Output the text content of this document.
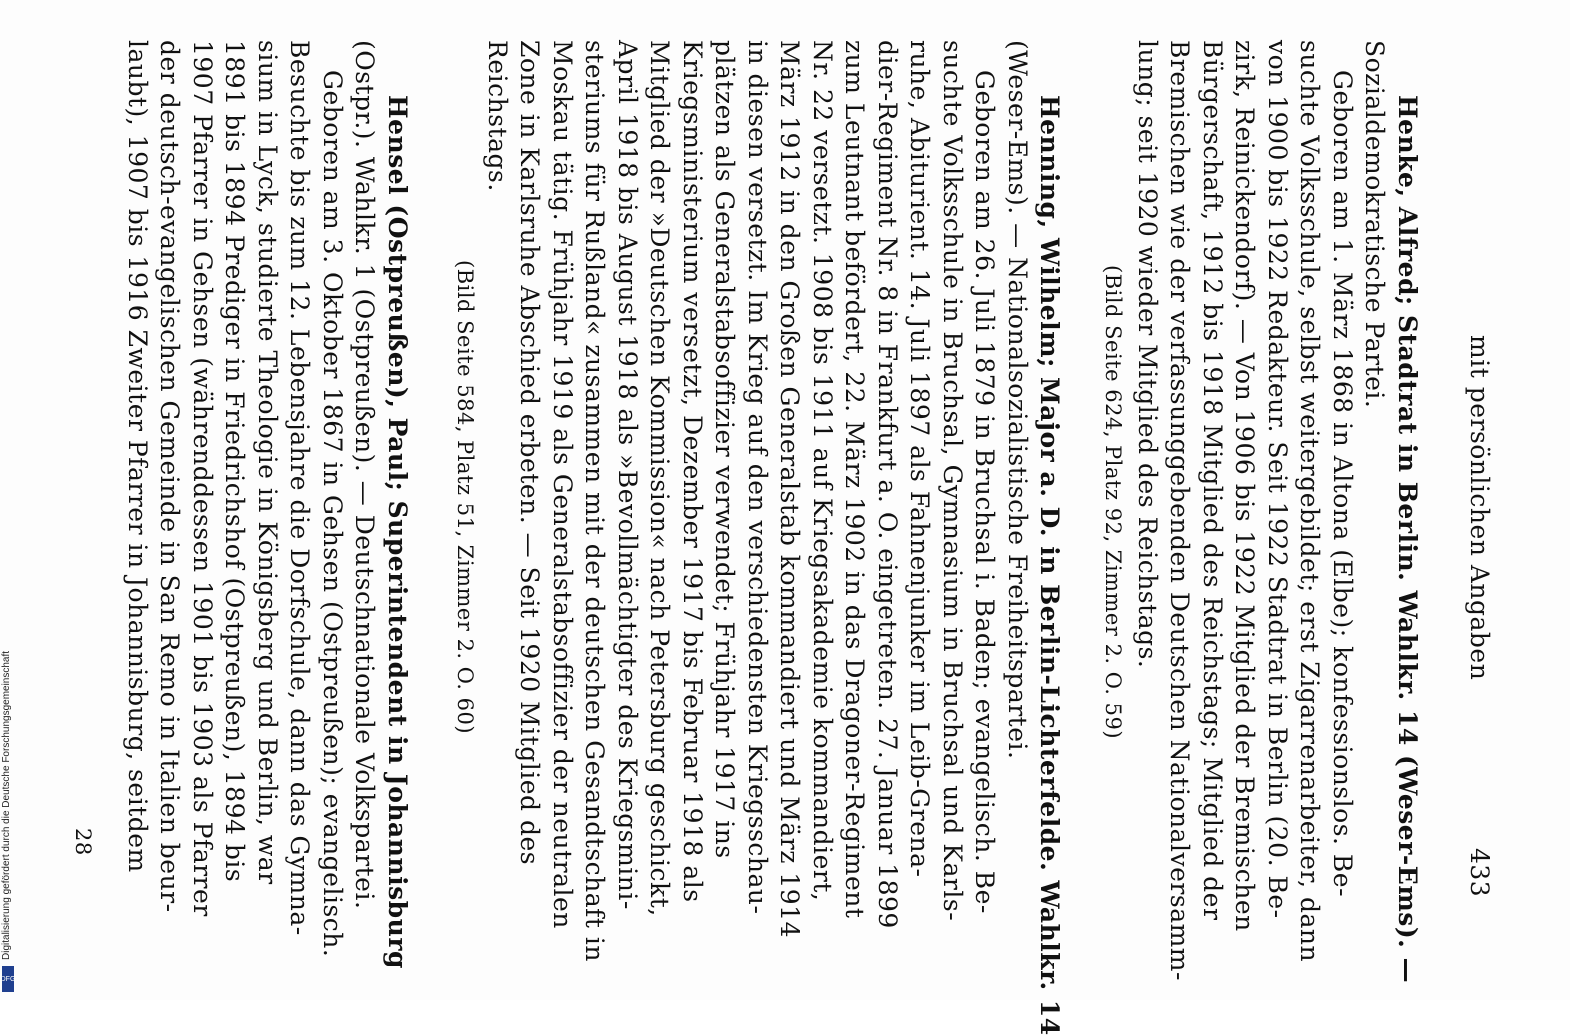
mit persönlichen Angaben
433
Henke, Alfred; Stadtrat in Berlin. Wahlkr. 14 (Weser-Ems). —
Sozialdemokratische Partei.
Geboren am 1. März 1868 in Altona (Elbe); konfessionslos. Be-
suchte Volksschule, selbst weitergebildet; erst Zigarrenarbeiter, dann
von 1900 bis 1922 Redakteur. Seit 1922 Stadtrat in Berlin (20. Be-
zirk, Reinickendorf). — Von 1906 bis 1922 Mitglied der Bremischen
Bürgerschaft, 1912 bis 1918 Mitglied des Reichstags; Mitglied der
Bremischen wie der verfassunggebenden Deutschen Nationalversamm-
lung; seit 1920 wieder Mitglied des Reichstags.
(Bild Seite 624, Platz 92, Zimmer 2. O. 59)
Henning, Wilhelm; Major a. D. in Berlin-Lichterfelde. Wahlkr. 14
(Weser-Ems). — Nationalsozialistische Freiheitspartei.
Geboren am 26. Juli 1879 in Bruchsal i. Baden; evangelisch. Be-
suchte Volksschule in Bruchsal, Gymnasium in Bruchsal und Karls-
ruhe, Abiturient. 14. Juli 1897 als Fahnenjunker im Leib-Grena-
dier-Regiment Nr. 8 in Frankfurt a. O. eingetreten. 27. Januar 1899
zum Leutnant befördert, 22. März 1902 in das Dragoner-Regiment
Nr. 22 versetzt. 1908 bis 1911 auf Kriegsakademie kommandiert,
März 1912 in den Großen Generalstab kommandiert und März 1914
in diesen versetzt. Im Krieg auf den verschiedensten Kriegsschau-
plätzen als Generalstabsoffizier verwendet; Frühjahr 1917 ins
Kriegsministerium versetzt, Dezember 1917 bis Februar 1918 als
Mitglied der »Deutschen Kommission« nach Petersburg geschickt,
April 1918 bis August 1918 als »Bevollmächtigter des Kriegsmini-
steriums für Rußland« zusammen mit der deutschen Gesandtschaft in
Moskau tätig. Frühjahr 1919 als Generalstabsoffizier der neutralen
Zone in Karlsruhe Abschied erbeten. — Seit 1920 Mitglied des
Reichstags.
(Bild Seite 584, Platz 51, Zimmer 2. O. 60)
Hensel (Ostpreußen), Paul; Superintendent in Johannisburg
(Ostpr.). Wahlkr. 1 (Ostpreußen). — Deutschnationale Volkspartei.
Geboren am 3. Oktober 1867 in Gehsen (Ostpreußen); evangelisch.
Besuchte bis zum 12. Lebensjahre die Dorfschule, dann das Gymna-
sium in Lyck, studierte Theologie in Königsberg und Berlin, war
1891 bis 1894 Prediger in Friedrichshof (Ostpreußen), 1894 bis
1907 Pfarrer in Gehsen (währenddessen 1901 bis 1903 als Pfarrer
der deutsch-evangelischen Gemeinde in San Remo in Italien beur-
laubt), 1907 bis 1916 Zweiter Pfarrer in Johannisburg, seitdem
28
Digitalisierung gefördert durch die Deutsche Forschungsgemeinschaft
DFG
